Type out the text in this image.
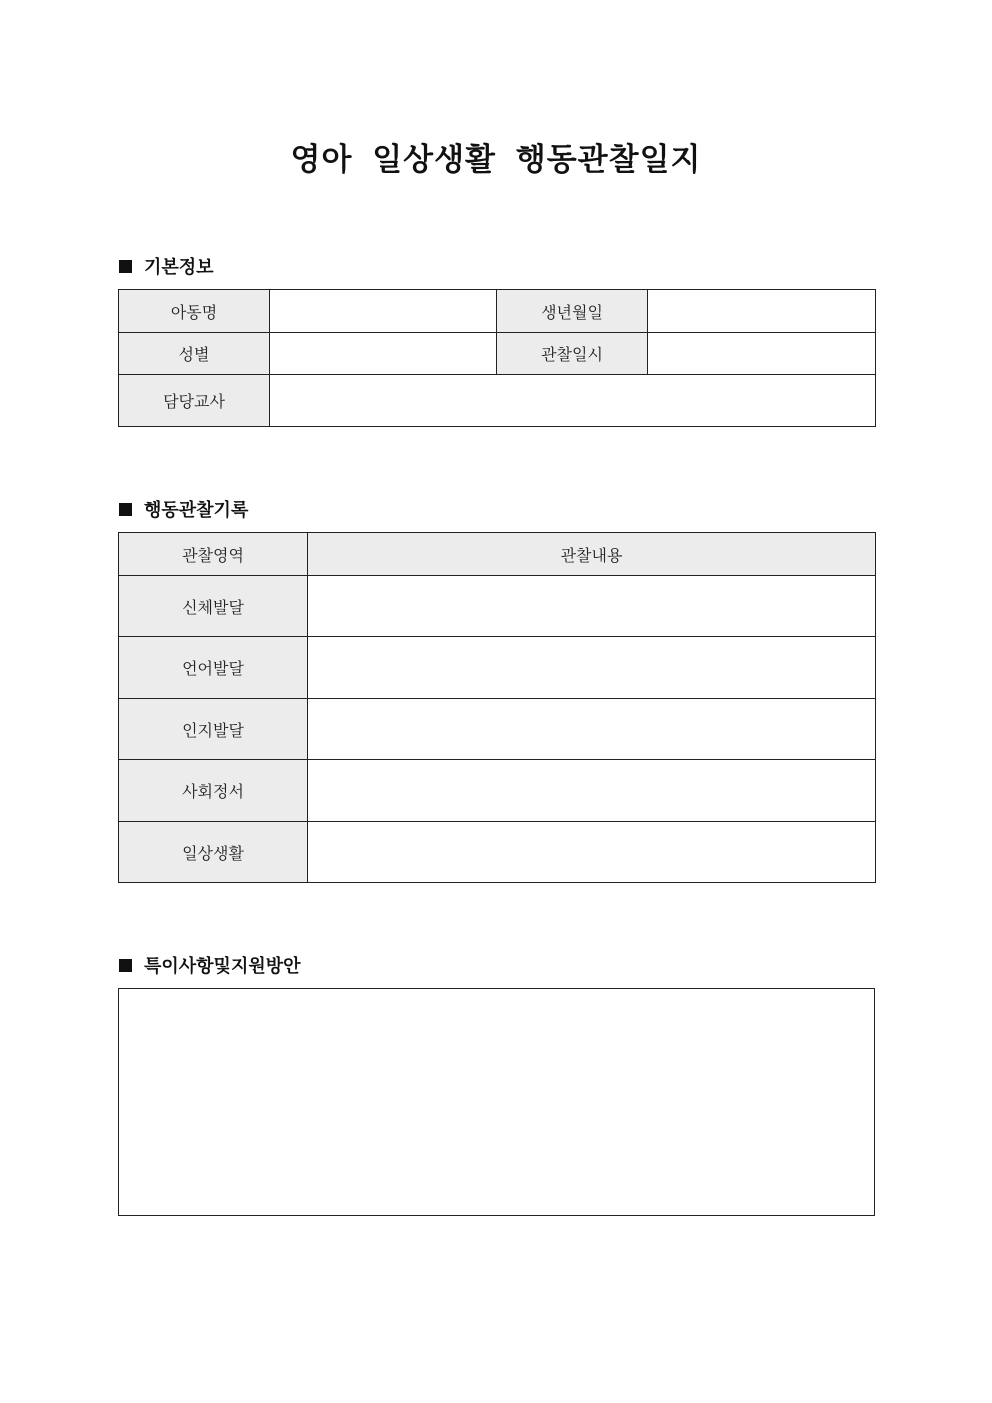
영아 일상생활 행동관찰일지
기본정보
아동명		생년월일	
성별		관찰일시	
담당교사			
행동관찰기록
관찰영역	관찰내용
신체발달	
언어발달	
인지발달	
사회정서	
일상생활	
특이사항및지원방안
